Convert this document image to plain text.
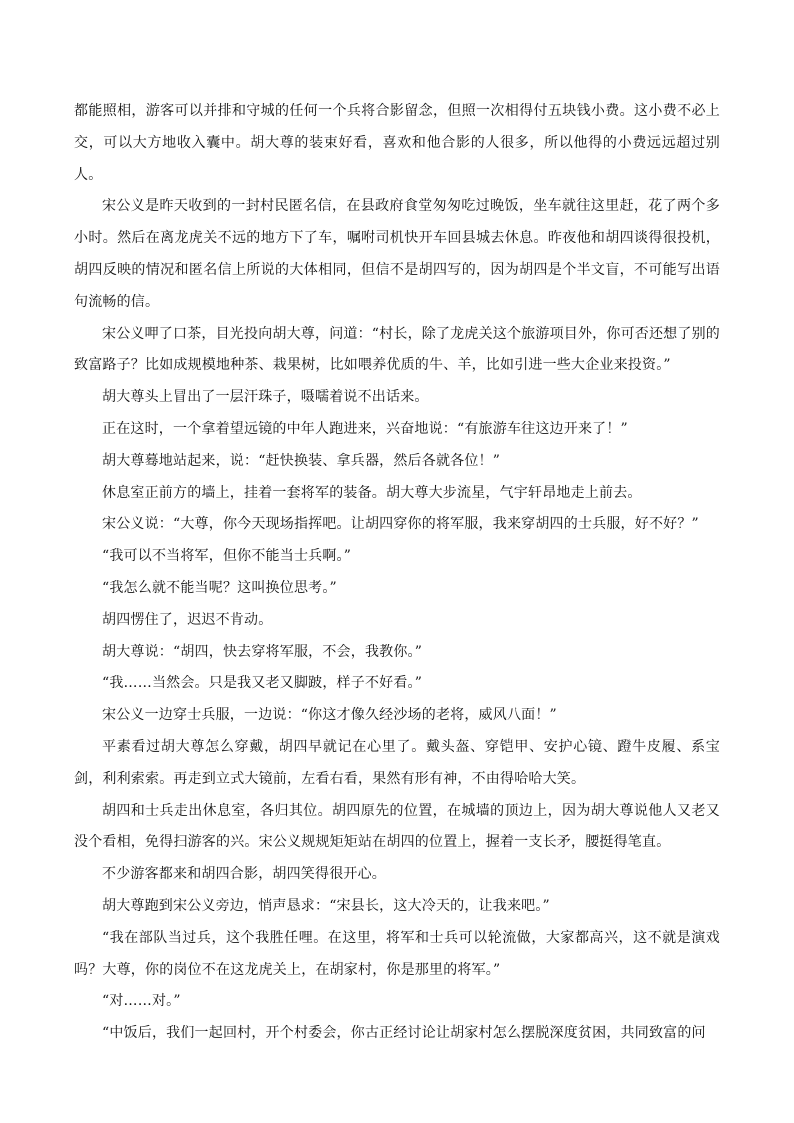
都能照相，游客可以并排和守城的任何一个兵将合影留念，但照一次相得付五块钱小费。这小费不必上交，可以大方地收入囊中。胡大尊的装束好看，喜欢和他合影的人很多，所以他得的小费远远超过别人。

宋公义是昨天收到的一封村民匿名信，在县政府食堂匆匆吃过晚饭，坐车就往这里赶，花了两个多小时。然后在离龙虎关不远的地方下了车，嘱咐司机快开车回县城去休息。昨夜他和胡四谈得很投机，胡四反映的情况和匿名信上所说的大体相同，但信不是胡四写的，因为胡四是个半文盲，不可能写出语句流畅的信。

宋公义呷了口茶，目光投向胡大尊，问道：“村长，除了龙虎关这个旅游项目外，你可否还想了别的致富路子？比如成规模地种茶、栽果树，比如喂养优质的牛、羊，比如引进一些大企业来投资。”

胡大尊头上冒出了一层汗珠子，嗫嚅着说不出话来。

正在这时，一个拿着望远镜的中年人跑进来，兴奋地说：“有旅游车往这边开来了！”

胡大尊蓦地站起来，说：“赶快换装、拿兵器，然后各就各位！”

休息室正前方的墙上，挂着一套将军的装备。胡大尊大步流星，气宇轩昂地走上前去。

宋公义说：“大尊，你今天现场指挥吧。让胡四穿你的将军服，我来穿胡四的士兵服，好不好？”

“我可以不当将军，但你不能当士兵啊。”

“我怎么就不能当呢？这叫换位思考。”

胡四愣住了，迟迟不肯动。

胡大尊说：“胡四，快去穿将军服，不会，我教你。”

“我……当然会。只是我又老又脚跛，样子不好看。”

宋公义一边穿士兵服，一边说：“你这才像久经沙场的老将，威风八面！”

平素看过胡大尊怎么穿戴，胡四早就记在心里了。戴头盔、穿铠甲、安护心镜、蹬牛皮履、系宝剑，利利索索。再走到立式大镜前，左看右看，果然有形有神，不由得哈哈大笑。

胡四和士兵走出休息室，各归其位。胡四原先的位置，在城墙的顶边上，因为胡大尊说他人又老又没个看相，免得扫游客的兴。宋公义规规矩矩站在胡四的位置上，握着一支长矛，腰挺得笔直。

不少游客都来和胡四合影，胡四笑得很开心。

胡大尊跑到宋公义旁边，悄声恳求：“宋县长，这大冷天的，让我来吧。”

“我在部队当过兵，这个我胜任哩。在这里，将军和士兵可以轮流做，大家都高兴，这不就是演戏吗？大尊，你的岗位不在这龙虎关上，在胡家村，你是那里的将军。”

“对……对。”

“中饭后，我们一起回村，开个村委会，你古正经讨论让胡家村怎么摆脱深度贫困，共同致富的问
